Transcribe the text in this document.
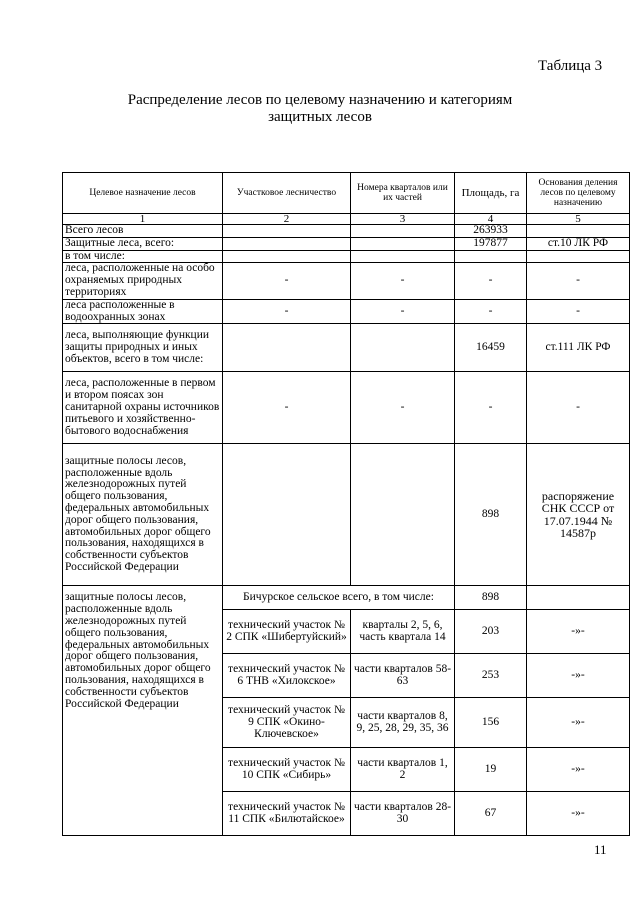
Таблица 3
Распределение лесов по целевому назначению и категориям
защитных лесов
Целевое назначение лесов	Участковое лесничество	Номера кварталов или их частей	Площадь, га	Основания деления лесов по целевому назначению
1	2	3	4	5
Всего лесов			263933	
Защитные леса, всего:			197877	ст.10 ЛК РФ
в том числе:				
леса, расположенные на особо охраняемых природных территориях	-	-	-	-
леса расположенные в водоохранных зонах	-	-	-	-
леса, выполняющие функции защиты природных и иных объектов, всего в том числе:			16459	ст.111 ЛК РФ
леса, расположенные в первом и втором поясах зон санитарной охраны источников питьевого и хозяйственно-бытового водоснабжения	-	-	-	-
защитные полосы лесов, расположенные вдоль железнодорожных путей общего пользования, федеральных автомобильных дорог общего пользования, автомобильных дорог общего пользования, находящихся в собственности субъектов Российской Федерации			898	распоряжение СНК СССР от 17.07.1944 № 14587р
защитные полосы лесов, расположенные вдоль железнодорожных путей общего пользования, федеральных автомобильных дорог общего пользования, автомобильных дорог общего пользования, находящихся в собственности субъектов Российской Федерации	Бичурское сельское всего, в том числе:		898	
	технический участок № 2 СПК «Шибертуйский»	кварталы 2, 5, 6, часть квартала 14	203	-»-
	технический участок № 6 ТНВ «Хилокское»	части кварталов 58-63	253	-»-
	технический участок № 9 СПК «Окино-Ключевское»	части кварталов 8, 9, 25, 28, 29, 35, 36	156	-»-
	технический участок № 10 СПК «Сибирь»	части кварталов 1, 2	19	-»-
	технический участок № 11 СПК «Билютайское»	части кварталов 28-30	67	-»-
11
